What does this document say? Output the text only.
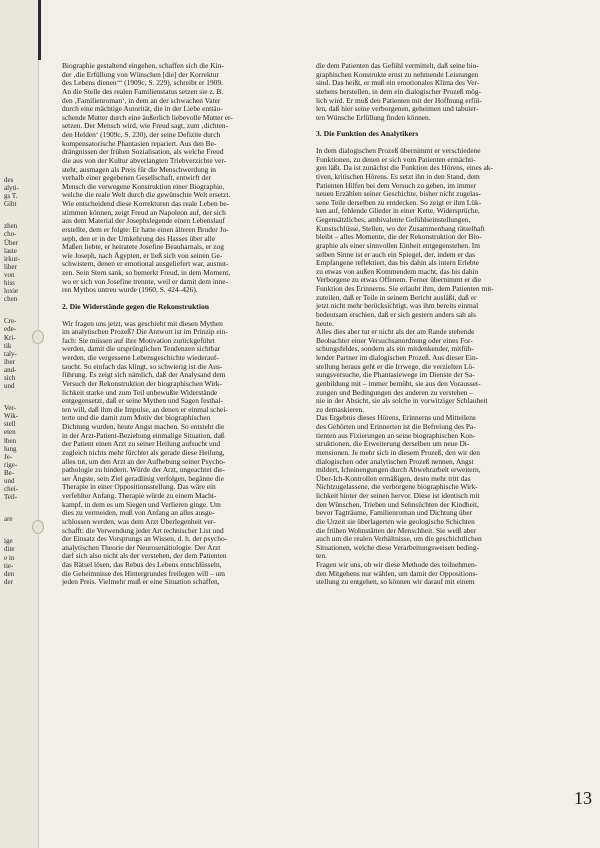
des
alyti-
gs T.
Gibt
zhen
cho-
Über
laste
irkur-
liber
von
hiss
loxie
chen
Cre-
ede-
Kri-
tik
taly-
iber
and-
sich
und
Ver-
Wik-
stell
eten
lben
lung
Je-
rige-
Be-
und
chei-
Teil-
are
ige
dite
e in
tie-
den
der
Biographie gestaltend eingehen, schaffen sich die Kin-
der ‚die Erfüllung von Wünschen [die] der Korrektur
des Lebens dienen‘“ (1909c, S. 229), schreibt er 1909.
An die Stelle des realen Familienstatus setzen sie z. B.
den ‚Familienroman‘, in dem an der schwachen Vater
durch eine mächtige Autorität, die in der Liebe enttäu-
schende Mutter durch eine äußerlich liebevolle Mutter er-
setzen. Der Mensch wird, wie Freud sagt, zum ‚dichten-
den Helden‘ (1909c, S. 230), der seine Defizite durch
kompensatorische Phantasien repariert. Aus den Be-
drängnissen der frühen Sozialisation, als welche Freud
die aus von der Kultur abverlangten Triebverzichte ver-
steht, ausmagen als Preis für die Menschwerdung in
verhalb einer gegebenen Gesellschaft, entwirft der
Mensch die verwegene Konstruktion einer Biographie,
welche die reale Welt durch die gewünschte Welt ersetzt.
Wie entscheidend diese Korrekturen das reale Leben be-
stimmen können, zeigt Freud an Napoleon auf, der sich
aus dem Material der Josephslegende einen Lebenslauf
erstellte, dem er folgte: Er hatte einen älteren Bruder Jo-
seph, den er in der Umkehrung des Hasses über alle
Maßen liebte, er heiratete Josefine Beauharnais, er zog
wie Joseph, nach Ägypten, er ließ sich von seinen Ge-
schwistern, denen er emotional ausgeliefert war, ausnut-
zen. Sein Stern sank, so bemerkt Freud, in dem Moment,
wo er sich von Josefine trennte, weil er damit dem inne-
ren Mythos untreu wurde (1960, S. 424–426).
2. Die Widerstände gegen die Rekonstruktion
Wir fragen uns jetzt, was geschieht mit diesen Mythen
im analytischen Prozeß? Die Antwort ist im Prinzip ein-
fach: Sie müssen auf ihre Motivation zurückgeführt
werden, damit die ursprünglichen Tendenzen sichtbar
werden, die vergessene Lebensgeschichte wiederauf-
taucht. So einfach das klingt, so schwierig ist die Aus-
führung. Es zeigt sich nämlich, daß der Analysand dem
Versuch der Rekonstruktion der biographischen Wirk-
lichkeit starke und zum Teil unbewußte Widerstände
entgegensetzt, daß er seine Mythen und Sagen festhal-
ten will, daß ihm die Impulse, an denen er einmal schei-
terte und die damit zum Motiv der biographischen
Dichtung wurden, heute Angst machen. So entsteht die
in der Arzt-Patient-Beziehung einmalige Situation, daß
der Patient einen Arzt zu seiner Heilung aufsucht und
zugleich nichts mehr fürchtet als gerade diese Heilung,
alles tut, um den Arzt an der Aufhebung seiner Psycho-
pathologie zu hindern. Würde der Arzt, ungeachtet die-
ser Ängste, sein Ziel geradlinig verfolgen, begänne die
Therapie in einer Oppositionsstellung. Das wäre ein
verfehlter Anfang. Therapie würde zu einem Macht-
kampf, in dem es um Siegen und Verlieren ginge. Um
dies zu vermeiden, muß von Anfang an alles ausge-
schlossen werden, was dem Arzt Überlegenheit ver-
schafft: die Verwendung jeder Art technischer List und
der Einsatz des Vorsprungs an Wissen, d. h. der psycho-
analytischen Theorie der Neurosenätiologie. Der Arzt
darf sich also nicht als der verstehen, der dem Patienten
das Rätsel lösen, das Rebus des Lebens entschlüsseln,
die Geheimnisse des Hintergrundes freilegen will – um
jeden Preis. Vielmehr muß er eine Situation schaffen,
die dem Patienten das Gefühl vermittelt, daß seine bio-
graphischen Konstrukte ernst zu nehmende Leistungen
sind. Das heißt, er muß ein emotionales Klima des Ver-
stehens herstellen, in dem ein dialogischer Prozeß mög-
lich wird. Er muß den Patienten mit der Hoffnung erfül-
len, daß hier seine verborgenen, geheimen und tabuier-
ten Wünsche Erfüllung finden können.
3. Die Funktion des Analytikers
In dem dialogischen Prozeß übernimmt er verschiedene
Funktionen, zu denen er sich vom Patienten ermächti-
gen läßt. Da ist zunächst die Funktion des Hörens, eines ak-
tiven, kritischen Hörens. Es setzt ihn in den Stand, dem
Patienten Hilfen bei dem Versuch zu geben, im immer
neuen Erzählen seiner Geschichte, bisher nicht zugelas-
sene Teile derselben zu entdecken. So zeigt er ihm Lük-
ken auf, fehlende Glieder in einer Kette, Widersprüche,
Gegensätzliches, ambivalente Gefühlseinstellungen,
Kunstschlüsse, Stellen, wo der Zusammenhang rätselhaft
bleibt – alles Momente, die der Rekonstruktion der Bio-
graphie als einer sinnvollen Einheit entgegenstehen. Im
selben Sinne ist er auch ein Spiegel, der, indem er das
Empfangene reflektiert, das bis dahin als intern Erlebte
zu etwas von außen Kommendem macht, das bis dahin
Verborgene zu etwas Offenem. Ferner übernimmt er die
Funktion des Erinnerns. Sie erlaubt ihm, dem Patienten mit-
zuteilen, daß er Teile in seinem Bericht ausläßt, daß er
jetzt nicht mehr berücksichtigt, was ihm bereits einmal
bedeutsam erschien, daß er sich gestern anders sah als
heute.
Alles dies aber tut er nicht als der am Rande stehende
Beobachter einer Versuchsanordnung oder eines For-
schungsfeldes, sondern als ein mitdenkender, mitfüh-
lender Partner im dialogischen Prozeß. Aus dieser Ein-
stellung heraus geht er die Irrwege, die verzielten Lö-
sungsversuche, die Phantasiewege im Dienste der Sa-
genbildung mit – immer bemüht, sie aus den Vorausset-
zungen und Bedingungen des anderen zu verstehen –
nie in der Absicht, sie als solche in vorwitziger Schlauheit
zu demaskieren.
Das Ergebnis dieses Hörens, Erinnerns und Mitteilens
des Gehörten und Erinnerten ist die Befreiung des Pa-
tienten aus Fixierungen an seine biographischen Kon-
struktionen, die Erweiterung derselben um neue Di-
mensionen. Je mehr sich in diesem Prozeß, den wir den
dialogischen oder analytischen Prozeß nennen, Angst
mildert, Icheinengungen durch Abwehrarbeit erweitern,
Über-Ich-Kontrollen ermäßigen, desto mehr tritt das
Nichtzugelassene, die verborgene biographische Wirk-
lichkeit hinter der seinen hervor. Diese ist identisch mit
den Wünschen, Trieben und Sehnsüchten der Kindheit,
bevor Tagträume, Familienroman und Dichtung über
die Urzeit sie überlagerten wie geologische Schichten
die frühen Wohnstätten der Menschheit. Sie weiß aber
auch um die realen Verhältnisse, um die geschichtlichen
Situationen, welche diese Verarbeitungsweisen beding-
ten.
Fragen wir uns, ob wir diese Methode des teilnehmen-
den Mitgehens nur wählen, um damit der Oppositions-
stellung zu entgehen, so können wir darauf mit einem
13
